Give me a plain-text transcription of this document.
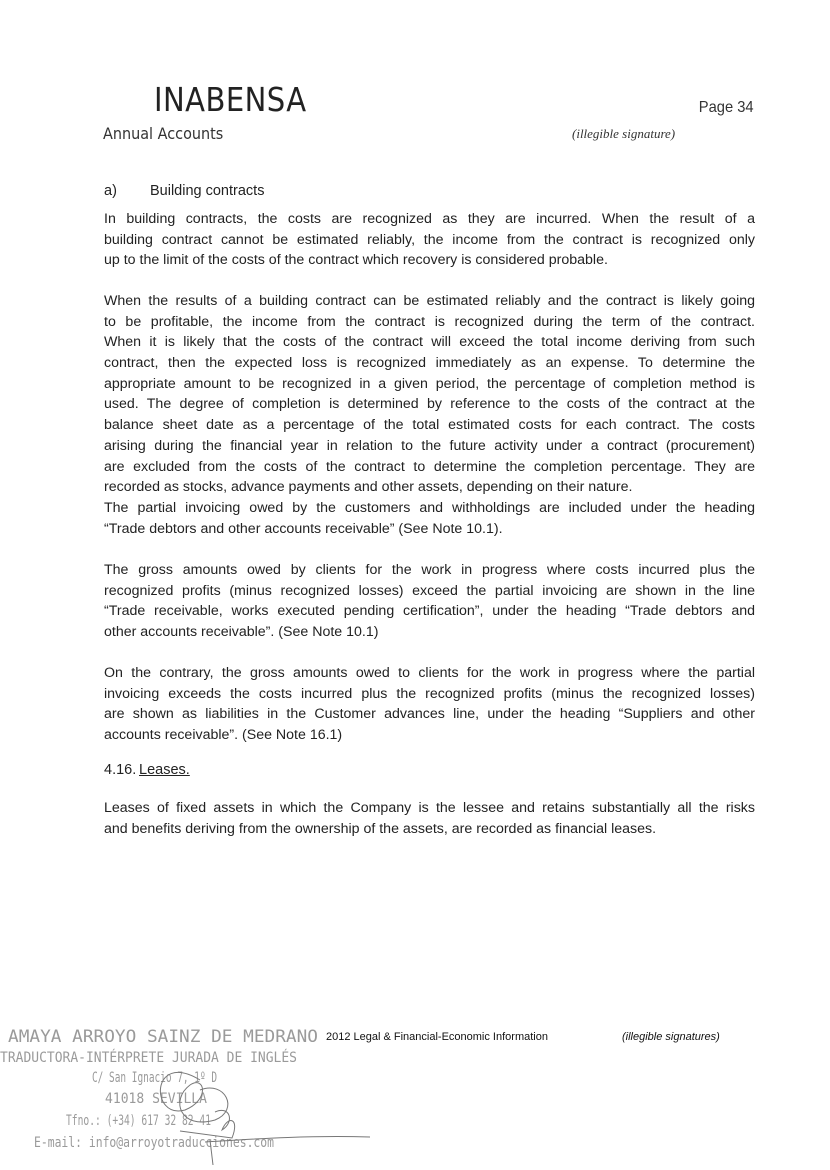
INABENSA
Annual Accounts
Page 34
(illegible signature)
a) Building contracts
In building contracts, the costs are recognized as they are incurred. When the result of a
building contract cannot be estimated reliably, the income from the contract is recognized only
up to the limit of the costs of the contract which recovery is considered probable.
When the results of a building contract can be estimated reliably and the contract is likely going
to be profitable, the income from the contract is recognized during the term of the contract.
When it is likely that the costs of the contract will exceed the total income deriving from such
contract, then the expected loss is recognized immediately as an expense. To determine the
appropriate amount to be recognized in a given period, the percentage of completion method is
used. The degree of completion is determined by reference to the costs of the contract at the
balance sheet date as a percentage of the total estimated costs for each contract. The costs
arising during the financial year in relation to the future activity under a contract (procurement)
are excluded from the costs of the contract to determine the completion percentage. They are
recorded as stocks, advance payments and other assets, depending on their nature.
The partial invoicing owed by the customers and withholdings are included under the heading
“Trade debtors and other accounts receivable” (See Note 10.1).
The gross amounts owed by clients for the work in progress where costs incurred plus the
recognized profits (minus recognized losses) exceed the partial invoicing are shown in the line
“Trade receivable, works executed pending certification”, under the heading “Trade debtors and
other accounts receivable”. (See Note 10.1)
On the contrary, the gross amounts owed to clients for the work in progress where the partial
invoicing exceeds the costs incurred plus the recognized profits (minus the recognized losses)
are shown as liabilities in the Customer advances line, under the heading “Suppliers and other
accounts receivable”. (See Note 16.1)
4.16. Leases.
Leases of fixed assets in which the Company is the lessee and retains substantially all the risks
and benefits deriving from the ownership of the assets, are recorded as financial leases.
AMAYA ARROYO SAINZ DE MEDRANO
TRADUCTORA-INTÉRPRETE JURADA DE INGLÉS
C/ San Ignacio 7, 1º D
41018 SEVILLA
Tfno.: (+34) 617 32 82 41
E-mail: info@arroyotraducciones.com
2012 Legal & Financial-Economic Information	(illegible signatures)
